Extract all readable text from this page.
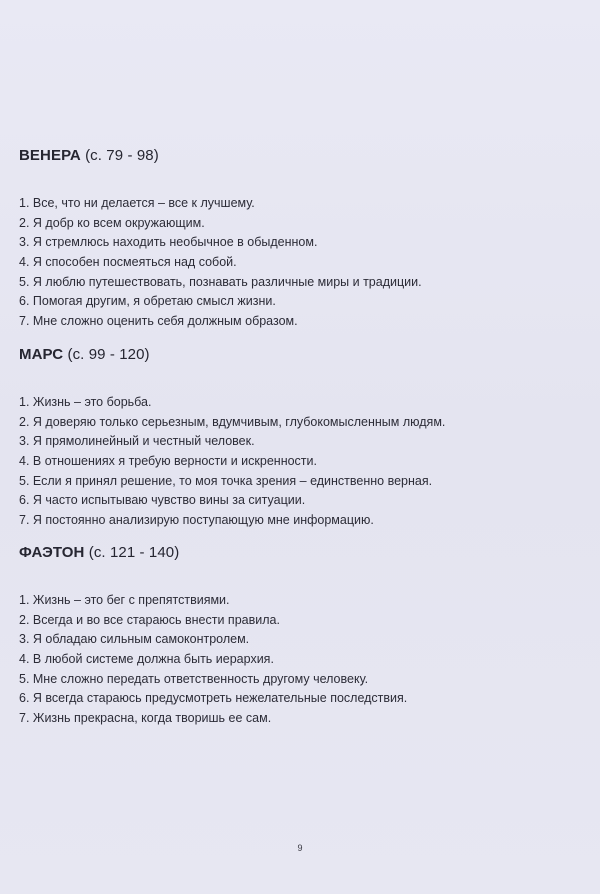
ВЕНЕРА (с. 79 - 98)
1. Все, что ни делается – все к лучшему.
2. Я добр ко всем окружающим.
3. Я стремлюсь находить необычное в обыденном.
4. Я способен посмеяться над собой.
5. Я люблю путешествовать, познавать различные миры и традиции.
6. Помогая другим, я обретаю смысл жизни.
7. Мне сложно оценить себя должным образом.
МАРС (с. 99 - 120)
1. Жизнь – это борьба.
2. Я доверяю только серьезным, вдумчивым, глубокомысленным людям.
3. Я прямолинейный и честный человек.
4. В отношениях я требую верности и искренности.
5. Если я принял решение, то моя точка зрения – единственно верная.
6. Я часто испытываю чувство вины за ситуации.
7. Я постоянно анализирую поступающую мне информацию.
ФАЭТОН (с. 121 - 140)
1. Жизнь – это бег с препятствиями.
2. Всегда и во все стараюсь внести правила.
3. Я обладаю сильным самоконтролем.
4. В любой системе должна быть иерархия.
5. Мне сложно передать ответственность другому человеку.
6. Я всегда стараюсь предусмотреть нежелательные последствия.
7. Жизнь прекрасна, когда творишь ее сам.
9
